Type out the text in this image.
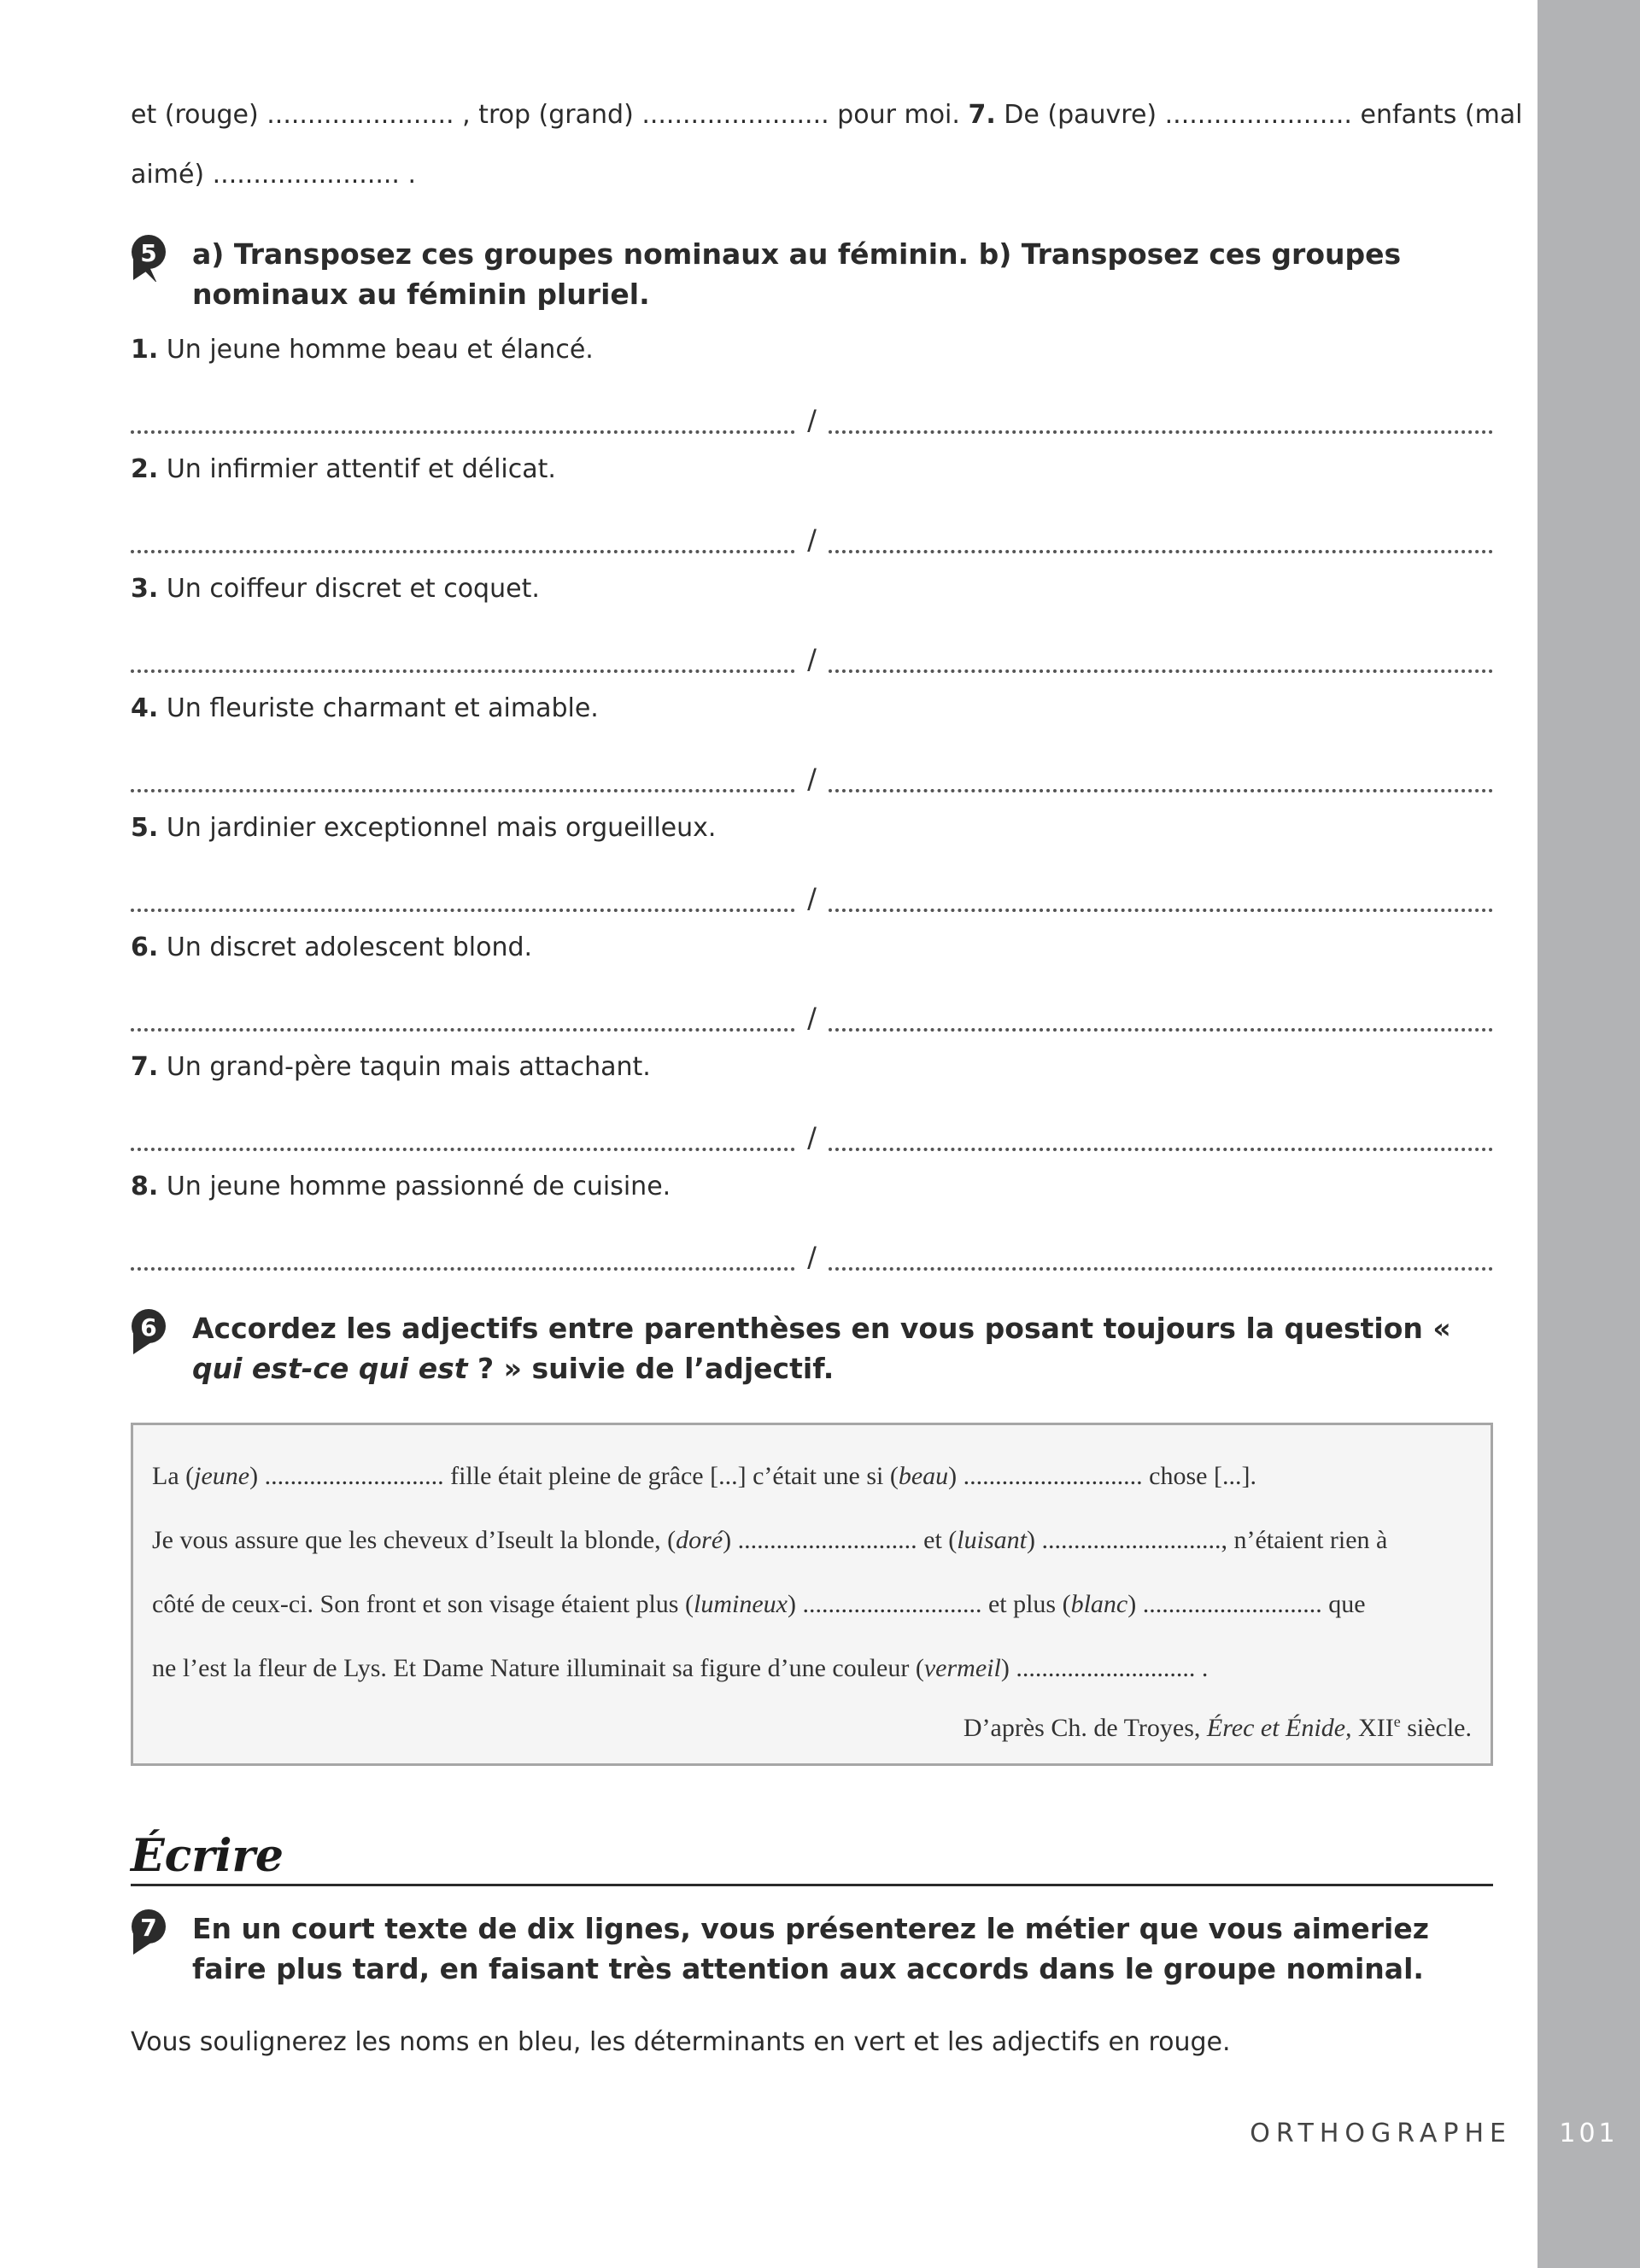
et (rouge) ....................... , trop (grand) ....................... pour moi. 7. De (pauvre) ....................... enfants (mal
aimé) ....................... .
5	a) Transposez ces groupes nominaux au féminin. b) Transposez ces groupes nominaux au féminin pluriel.
1. Un jeune homme beau et élancé.
/
2. Un infirmier attentif et délicat.
/
3. Un coiffeur discret et coquet.
/
4. Un fleuriste charmant et aimable.
/
5. Un jardinier exceptionnel mais orgueilleux.
/
6. Un discret adolescent blond.
/
7. Un grand-père taquin mais attachant.
/
8. Un jeune homme passionné de cuisine.
/
6	Accordez les adjectifs entre parenthèses en vous posant toujours la question « qui est-ce qui est ? » suivie de l’adjectif.
La (jeune) ............................ fille était pleine de grâce [...] c’était une si (beau) ............................ chose [...].
Je vous assure que les cheveux d’Iseult la blonde, (doré) ............................ et (luisant) ............................, n’étaient rien à
côté de ceux-ci. Son front et son visage étaient plus (lumineux) ............................ et plus (blanc) ............................ que
ne l’est la fleur de Lys. Et Dame Nature illuminait sa figure d’une couleur (vermeil) ............................ .
D’après Ch. de Troyes, Érec et Énide, XIIe siècle.
Écrire
7	En un court texte de dix lignes, vous présenterez le métier que vous aimeriez faire plus tard, en faisant très attention aux accords dans le groupe nominal.
Vous soulignerez les noms en bleu, les déterminants en vert et les adjectifs en rouge.
ORTHOGRAPHE	101
